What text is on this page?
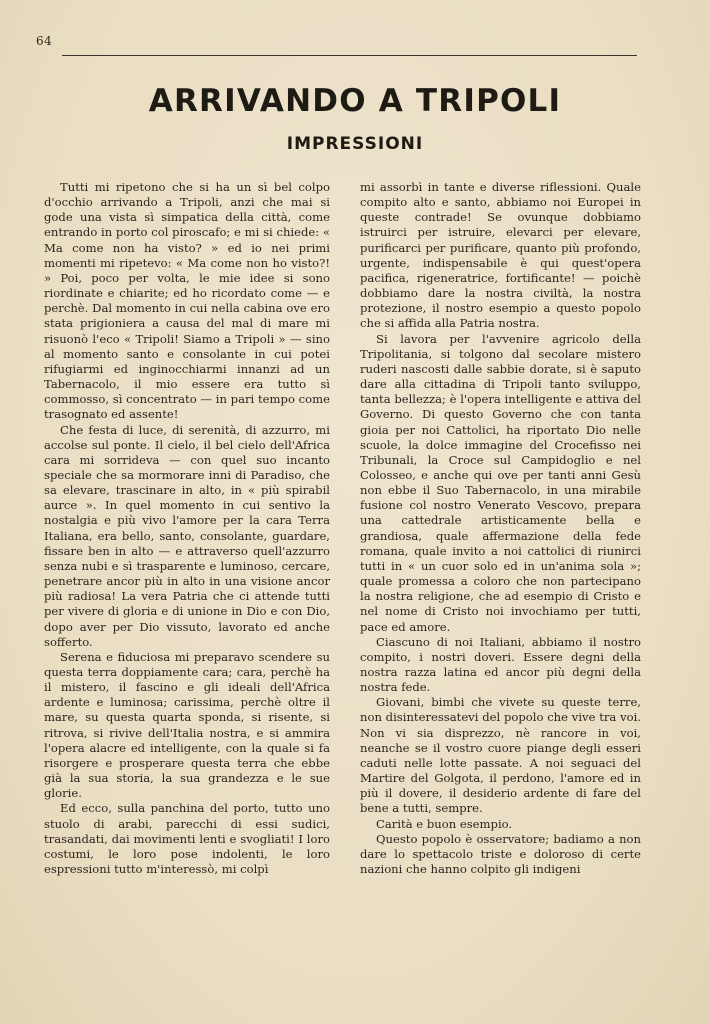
64
ARRIVANDO A TRIPOLI
IMPRESSIONI

Tutti mi ripetono che si ha un sì bel colpo d'occhio arrivando a Tripoli, anzi che mai si gode una vista sì simpatica della città, come entrando in porto col piroscafo; e mi si chiede: « Ma come non ha visto? » ed io nei primi momenti mi ripetevo: « Ma come non ho visto?! » Poi, poco per volta, le mie idee si sono riordinate e chiarite; ed ho ricordato come — e perchè. Dal momento in cui nella cabina ove ero stata prigioniera a causa del mal di mare mi risuonò l'eco « Tripoli! Siamo a Tripoli » — sino al momento santo e consolante in cui potei rifugiarmi ed inginocchiarmi innanzi ad un Tabernacolo, il mio essere era tutto sì commosso, sì concentrato — in pari tempo come trasognato ed assente!

Che festa di luce, di serenità, di azzurro, mi accolse sul ponte. Il cielo, il bel cielo dell'Africa cara mi sorrideva — con quel suo incanto speciale che sa mormorare inni di Paradiso, che sa elevare, trascinare in alto, in « più spirabil aurce ». In quel momento in cui sentivo la nostalgia e più vivo l'amore per la cara Terra Italiana, era bello, santo, consolante, guardare, fissare ben in alto — e attraverso quell'azzurro senza nubi e sì trasparente e luminoso, cercare, penetrare ancor più in alto in una visione ancor più radiosa! La vera Patria che ci attende tutti per vivere di gloria e di unione in Dio e con Dio, dopo aver per Dio vissuto, lavorato ed anche sofferto.

Serena e fiduciosa mi preparavo scendere su questa terra doppiamente cara; cara, perchè ha il mistero, il fascino e gli ideali dell'Africa ardente e luminosa; carissima, perchè oltre il mare, su questa quarta sponda, si risente, si ritrova, si rivive dell'Italia nostra, e si ammira l'opera alacre ed intelligente, con la quale si fa risorgere e prosperare questa terra che ebbe già la sua storia, la sua grandezza e le sue glorie.

Ed ecco, sulla panchina del porto, tutto uno stuolo di arabi, parecchi di essi sudici, trasandati, dai movimenti lenti e svogliati! I loro costumi, le loro pose indolenti, le loro espressioni tutto m'interessò, mi colpì

mi assorbì in tante e diverse riflessioni. Quale compito alto e santo, abbiamo noi Europei in queste contrade! Se ovunque dobbiamo istruirci per istruire, elevarci per elevare, purificarci per purificare, quanto più profondo, urgente, indispensabile è qui quest'opera pacifica, rigeneratrice, fortificante! — poichè dobbiamo dare la nostra civiltà, la nostra protezione, il nostro esempio a questo popolo che si affida alla Patria nostra.

Si lavora per l'avvenire agricolo della Tripolitania, si tolgono dal secolare mistero ruderi nascosti dalle sabbie dorate, si è saputo dare alla cittadina di Tripoli tanto sviluppo, tanta bellezza; è l'opera intelligente e attiva del Governo. Di questo Governo che con tanta gioia per noi Cattolici, ha riportato Dio nelle scuole, la dolce immagine del Crocefisso nei Tribunali, la Croce sul Campidoglio e nel Colosseo, e anche qui ove per tanti anni Gesù non ebbe il Suo Tabernacolo, in una mirabile fusione col nostro Venerato Vescovo, prepara una cattedrale artisticamente bella e grandiosa, quale affermazione della fede romana, quale invito a noi cattolici di riunirci tutti in « un cuor solo ed in un'anima sola »; quale promessa a coloro che non partecipano la nostra religione, che ad esempio di Cristo e nel nome di Cristo noi invochiamo per tutti, pace ed amore.

Ciascuno di noi Italiani, abbiamo il nostro compito, i nostri doveri. Essere degni della nostra razza latina ed ancor più degni della nostra fede.

Giovani, bimbi che vivete su queste terre, non disinteressatevi del popolo che vive tra voi. Non vi sia disprezzo, nè rancore in voi, neanche se il vostro cuore piange degli esseri caduti nelle lotte passate. A noi seguaci del Martire del Golgota, il perdono, l'amore ed in più il dovere, il desiderio ardente di fare del bene a tutti, sempre.

Carità e buon esempio.

Questo popolo è osservatore; badiamo a non dare lo spettacolo triste e doloroso di certe nazioni che hanno colpito gli indigeni
